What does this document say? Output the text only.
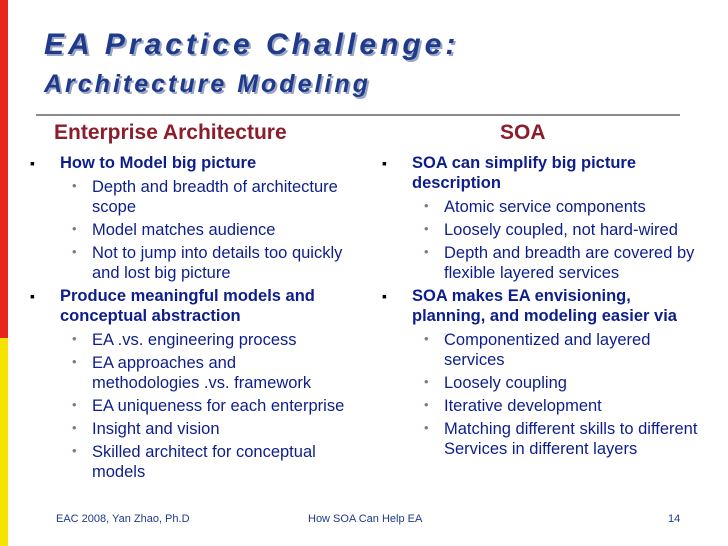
EA Practice Challenge:
Architecture Modeling
Enterprise Architecture	SOA
▪ How to Model big picture
• Depth and breadth of architecture scope
• Model matches audience
• Not to jump into details too quickly and lost big picture
▪ Produce meaningful models and conceptual abstraction
• EA .vs. engineering process
• EA approaches and methodologies .vs. framework
• EA uniqueness for each enterprise
• Insight and vision
• Skilled architect for conceptual models
▪ SOA can simplify big picture description
• Atomic service components
• Loosely coupled, not hard-wired
• Depth and breadth are covered by flexible layered services
▪ SOA makes EA envisioning, planning, and modeling easier via
• Componentized and layered services
• Loosely coupling
• Iterative development
• Matching different skills to different Services in different layers
EAC 2008, Yan Zhao, Ph.D	How SOA Can Help EA	14
